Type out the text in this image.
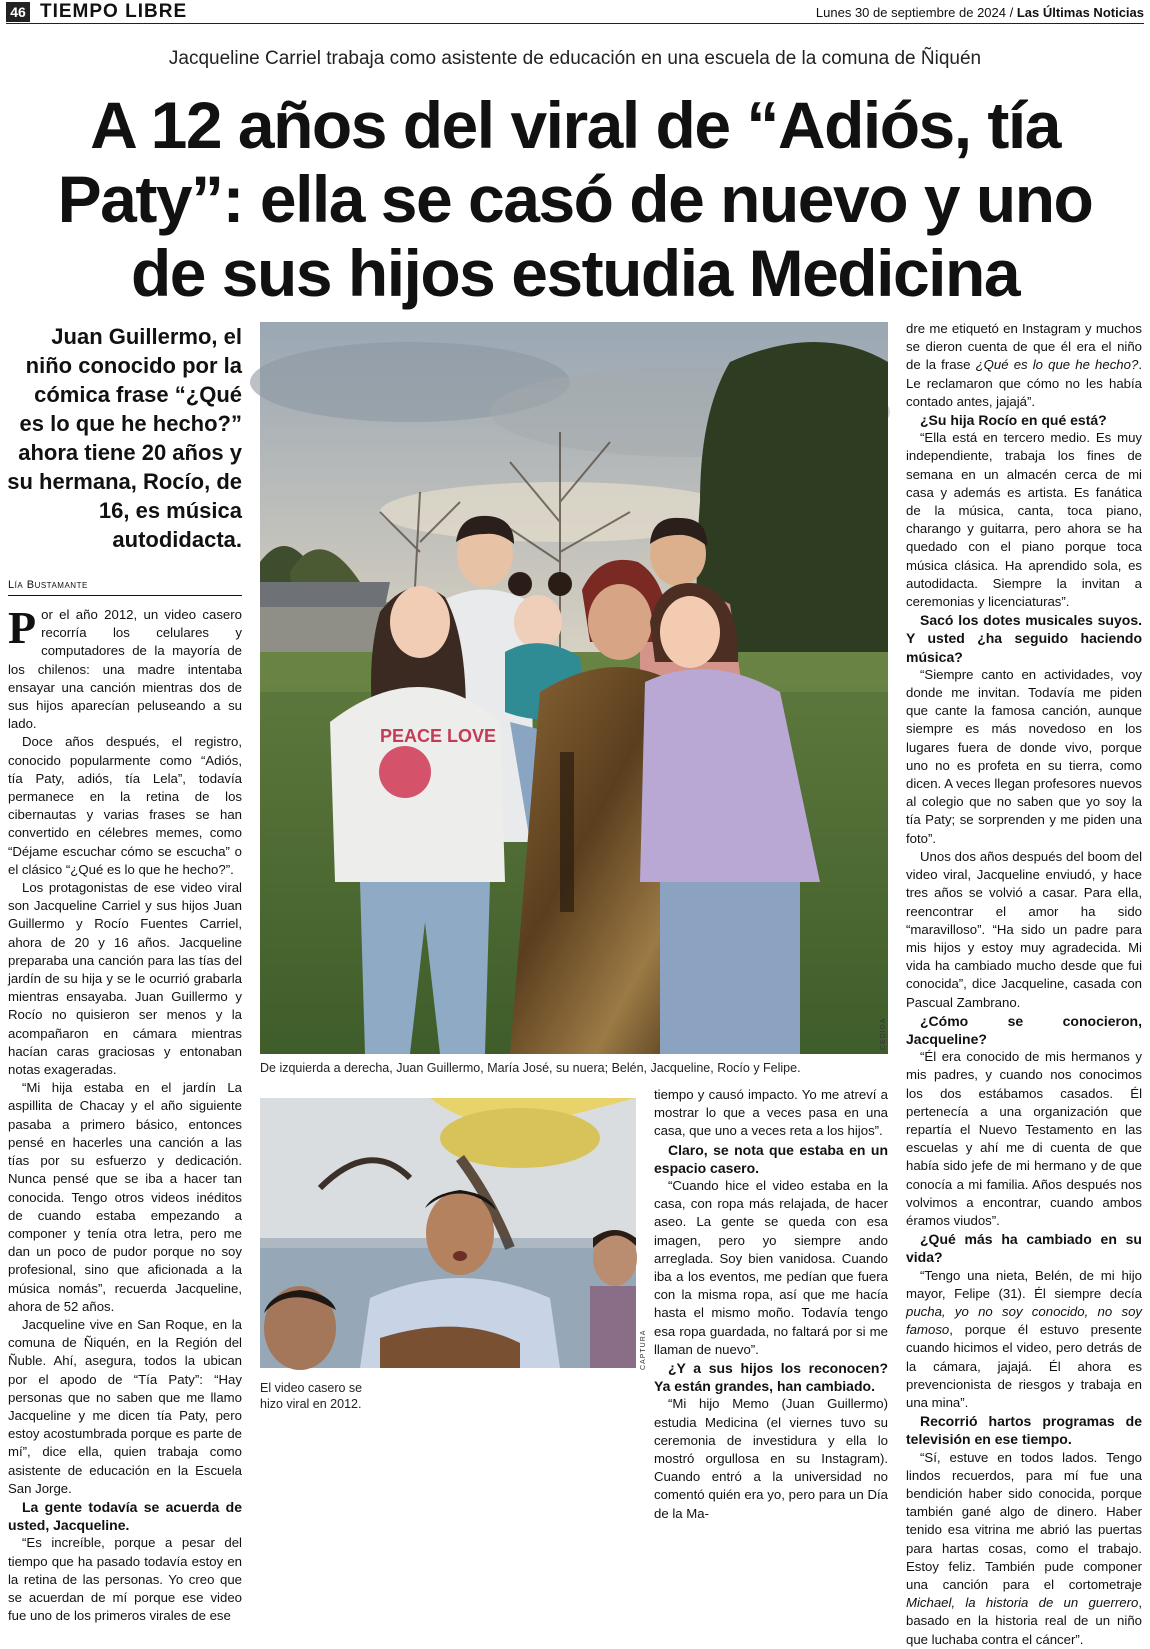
46 TIEMPO LIBRE	Lunes 30 de septiembre de 2024 / Las Últimas Noticias
Jacqueline Carriel trabaja como asistente de educación en una escuela de la comuna de Ñiquén
A 12 años del viral de “Adiós, tía Paty”: ella se casó de nuevo y uno de sus hijos estudia Medicina
Juan Guillermo, el niño conocido por la cómica frase “¿Qué es lo que he hecho?” ahora tiene 20 años y su hermana, Rocío, de 16, es música autodidacta.
Lía Bustamante

Por el año 2012, un video casero recorría los celulares y computadores de la mayoría de los chilenos: una madre intentaba ensayar una canción mientras dos de sus hijos aparecían peluseando a su lado.

Doce años después, el registro, conocido popularmente como “Adiós, tía Paty, adiós, tía Lela”, todavía permanece en la retina de los cibernautas y varias frases se han convertido en célebres memes, como “Déjame escuchar cómo se escucha” o el clásico “¿Qué es lo que he hecho?”.

Los protagonistas de ese video viral son Jacqueline Carriel y sus hijos Juan Guillermo y Rocío Fuentes Carriel, ahora de 20 y 16 años. Jacqueline preparaba una canción para las tías del jardín de su hija y se le ocurrió grabarla mientras ensayaba. Juan Guillermo y Rocío no quisieron ser menos y la acompañaron en cámara mientras hacían caras graciosas y entonaban notas exageradas.

“Mi hija estaba en el jardín La aspillita de Chacay y el año siguiente pasaba a primero básico, entonces pensé en hacerles una canción a las tías por su esfuerzo y dedicación. Nunca pensé que se iba a hacer tan conocida. Tengo otros videos inéditos de cuando estaba empezando a componer y tenía otra letra, pero me dan un poco de pudor porque no soy profesional, sino que aficionada a la música nomás”, recuerda Jacqueline, ahora de 52 años.

Jacqueline vive en San Roque, en la comuna de Ñiquén, en la Región del Ñuble. Ahí, asegura, todos la ubican por el apodo de “Tía Paty”: “Hay personas que no saben que me llamo Jacqueline y me dicen tía Paty, pero estoy acostumbrada porque es parte de mí”, dice ella, quien trabaja como asistente de educación en la Escuela San Jorge.

La gente todavía se acuerda de usted, Jacqueline.

“Es increíble, porque a pesar del tiempo que ha pasado todavía estoy en la retina de las personas. Yo creo que se acuerdan de mí porque ese video fue uno de los primeros virales de ese

PEACE LOVE
CEDIDA
De izquierda a derecha, Juan Guillermo, María José, su nuera; Belén, Jacqueline, Rocío y Felipe.
CAPTURA
El video casero se hizo viral en 2012.

tiempo y causó impacto. Yo me atreví a mostrar lo que a veces pasa en una casa, que uno a veces reta a los hijos”.

Claro, se nota que estaba en un espacio casero.

“Cuando hice el video estaba en la casa, con ropa más relajada, de hacer aseo. La gente se queda con esa imagen, pero yo siempre ando arreglada. Soy bien vanidosa. Cuando iba a los eventos, me pedían que fuera con la misma ropa, así que me hacía hasta el mismo moño. Todavía tengo esa ropa guardada, no faltará por si me llaman de nuevo”.

¿Y a sus hijos los reconocen? Ya están grandes, han cambiado.

“Mi hijo Memo (Juan Guillermo) estudia Medicina (el viernes tuvo su ceremonia de investidura y ella lo mostró orgullosa en su Instagram). Cuando entró a la universidad no comentó quién era yo, pero para un Día de la Ma-

dre me etiquetó en Instagram y muchos se dieron cuenta de que él era el niño de la frase ¿Qué es lo que he hecho?. Le reclamaron que cómo no les había contado antes, jajajá”.

¿Su hija Rocío en qué está?

“Ella está en tercero medio. Es muy independiente, trabaja los fines de semana en un almacén cerca de mi casa y además es artista. Es fanática de la música, canta, toca piano, charango y guitarra, pero ahora se ha quedado con el piano porque toca música clásica. Ha aprendido sola, es autodidacta. Siempre la invitan a ceremonias y licenciaturas”.

Sacó los dotes musicales suyos. Y usted ¿ha seguido haciendo música?

“Siempre canto en actividades, voy donde me invitan. Todavía me piden que cante la famosa canción, aunque siempre es más novedoso en los lugares fuera de donde vivo, porque uno no es profeta en su tierra, como dicen. A veces llegan profesores nuevos al colegio que no saben que yo soy la tía Paty; se sorprenden y me piden una foto”.

Unos dos años después del boom del video viral, Jacqueline enviudó, y hace tres años se volvió a casar. Para ella, reencontrar el amor ha sido “maravilloso”. “Ha sido un padre para mis hijos y estoy muy agradecida. Mi vida ha cambiado mucho desde que fui conocida”, dice Jacqueline, casada con Pascual Zambrano.

¿Cómo se conocieron, Jacqueline?

“Él era conocido de mis hermanos y mis padres, y cuando nos conocimos los dos estábamos casados. Él pertenecía a una organización que repartía el Nuevo Testamento en las escuelas y ahí me di cuenta de que había sido jefe de mi hermano y de que conocía a mi familia. Años después nos volvimos a encontrar, cuando ambos éramos viudos”.

¿Qué más ha cambiado en su vida?

“Tengo una nieta, Belén, de mi hijo mayor, Felipe (31). Él siempre decía pucha, yo no soy conocido, no soy famoso, porque él estuvo presente cuando hicimos el video, pero detrás de la cámara, jajajá. Él ahora es prevencionista de riesgos y trabaja en una mina”.

Recorrió hartos programas de televisión en ese tiempo.

“Sí, estuve en todos lados. Tengo lindos recuerdos, para mí fue una bendición haber sido conocida, porque también gané algo de dinero. Haber tenido esa vitrina me abrió las puertas para hartas cosas, como el trabajo. Estoy feliz. También pude componer una canción para el cortometraje Michael, la historia de un guerrero, basado en la historia real de un niño que luchaba contra el cáncer”.
